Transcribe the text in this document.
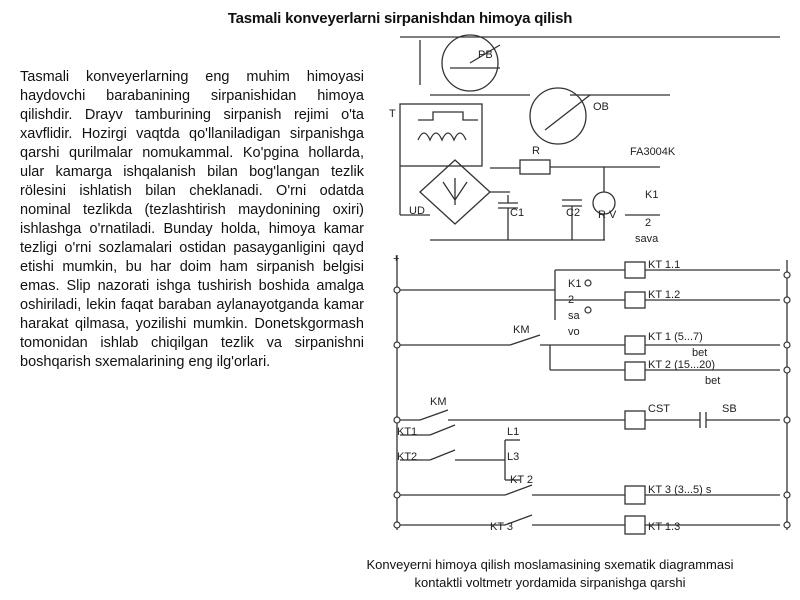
Tasmali konveyerlarni sirpanishdan himoya qilish
Tasmali konveyerlarning eng muhim himoyasi haydovchi barabanining sirpanishidan himoya qilishdir. Drayv tamburining sirpanish rejimi o'ta xavflidir. Hozirgi vaqtda qo'llaniladigan sirpanishga qarshi qurilmalar nomukammal. Ko'pgina hollarda, ular kamarga ishqalanish bilan bog'langan tezlik rölesini ishlatish bilan cheklanadi. O'rni odatda nominal tezlikda (tezlashtirish maydonining oxiri) ishlashga o'rnatiladi. Bunday holda, himoya kamar tezligi o'rni sozlamalari ostidan pasayganligini qayd etishi mumkin, bu har doim ham sirpanish belgisi emas. Slip nazorati ishga tushirish boshida amalga oshiriladi, lekin faqat baraban aylanayotganda kamar harakat qilmasa, yozilishi mumkin. Donetskgormash tomonidan ishlab chiqilgan tezlik va sirpanishni boshqarish sxemalarining eng ilg'orlari.
PB
OB
T
R	FA3004K
K1
2
sava
UD	C1	C2 R V
+
K1
2
sa
vo
KM
KM
KT1
KT2
L1
L3
KT 2
KT 3
KT 1.1
KT 1.2
KT 1 (5...7)
bet
KT 2 (15...20)
bet
CST	SB
KT 3 (3...5) s
KT 1.3
Konveyerni himoya qilish moslamasining sxematik diagrammasi
kontaktli voltmetr yordamida sirpanishga qarshi
